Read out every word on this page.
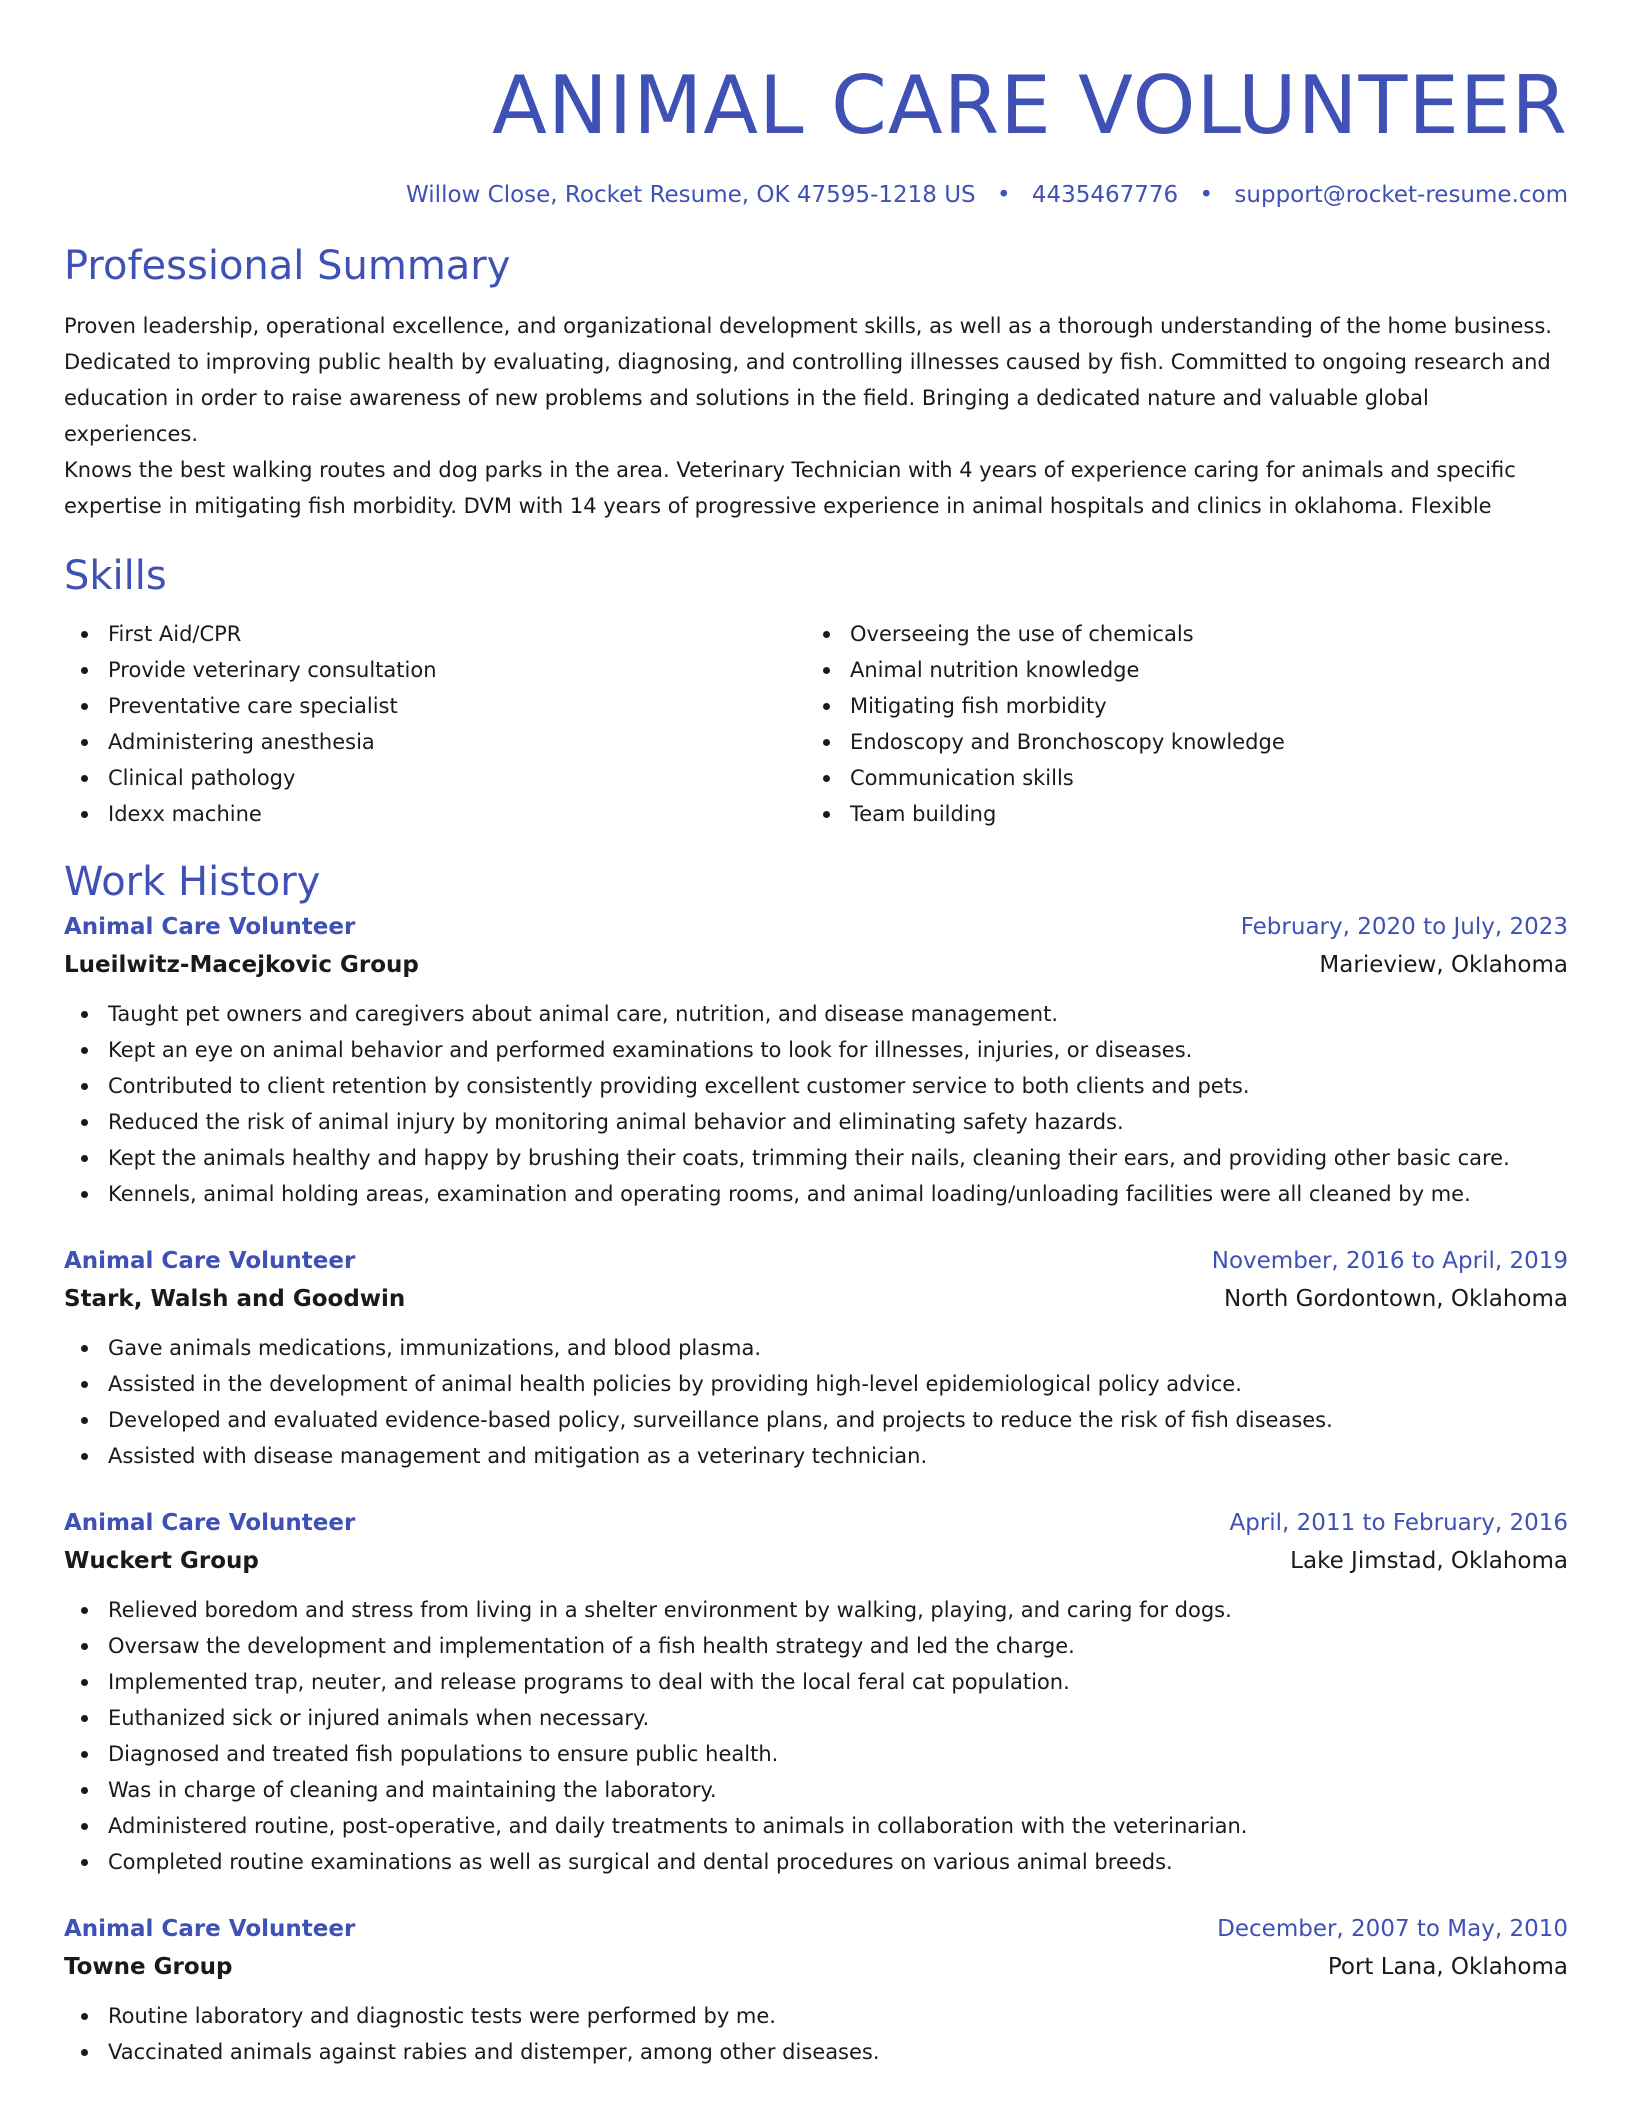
ANIMAL CARE VOLUNTEER
Willow Close, Rocket Resume, OK 47595-1218 US • 4435467776 • support@rocket-resume.com
Professional Summary
Proven leadership, operational excellence, and organizational development skills, as well as a thorough understanding of the home business.
Dedicated to improving public health by evaluating, diagnosing, and controlling illnesses caused by fish. Committed to ongoing research and
education in order to raise awareness of new problems and solutions in the field. Bringing a dedicated nature and valuable global experiences.
Knows the best walking routes and dog parks in the area. Veterinary Technician with 4 years of experience caring for animals and specific
expertise in mitigating fish morbidity. DVM with 14 years of progressive experience in animal hospitals and clinics in oklahoma. Flexible
Skills
First Aid/CPR
Provide veterinary consultation
Preventative care specialist
Administering anesthesia
Clinical pathology
Idexx machine
Overseeing the use of chemicals
Animal nutrition knowledge
Mitigating fish morbidity
Endoscopy and Bronchoscopy knowledge
Communication skills
Team building
Work History
Animal Care Volunteer	February, 2020 to July, 2023
Lueilwitz-Macejkovic Group	Marieview, Oklahoma
Taught pet owners and caregivers about animal care, nutrition, and disease management.
Kept an eye on animal behavior and performed examinations to look for illnesses, injuries, or diseases.
Contributed to client retention by consistently providing excellent customer service to both clients and pets.
Reduced the risk of animal injury by monitoring animal behavior and eliminating safety hazards.
Kept the animals healthy and happy by brushing their coats, trimming their nails, cleaning their ears, and providing other basic care.
Kennels, animal holding areas, examination and operating rooms, and animal loading/unloading facilities were all cleaned by me.
Animal Care Volunteer	November, 2016 to April, 2019
Stark, Walsh and Goodwin	North Gordontown, Oklahoma
Gave animals medications, immunizations, and blood plasma.
Assisted in the development of animal health policies by providing high-level epidemiological policy advice.
Developed and evaluated evidence-based policy, surveillance plans, and projects to reduce the risk of fish diseases.
Assisted with disease management and mitigation as a veterinary technician.
Animal Care Volunteer	April, 2011 to February, 2016
Wuckert Group	Lake Jimstad, Oklahoma
Relieved boredom and stress from living in a shelter environment by walking, playing, and caring for dogs.
Oversaw the development and implementation of a fish health strategy and led the charge.
Implemented trap, neuter, and release programs to deal with the local feral cat population.
Euthanized sick or injured animals when necessary.
Diagnosed and treated fish populations to ensure public health.
Was in charge of cleaning and maintaining the laboratory.
Administered routine, post-operative, and daily treatments to animals in collaboration with the veterinarian.
Completed routine examinations as well as surgical and dental procedures on various animal breeds.
Animal Care Volunteer	December, 2007 to May, 2010
Towne Group	Port Lana, Oklahoma
Routine laboratory and diagnostic tests were performed by me.
Vaccinated animals against rabies and distemper, among other diseases.
